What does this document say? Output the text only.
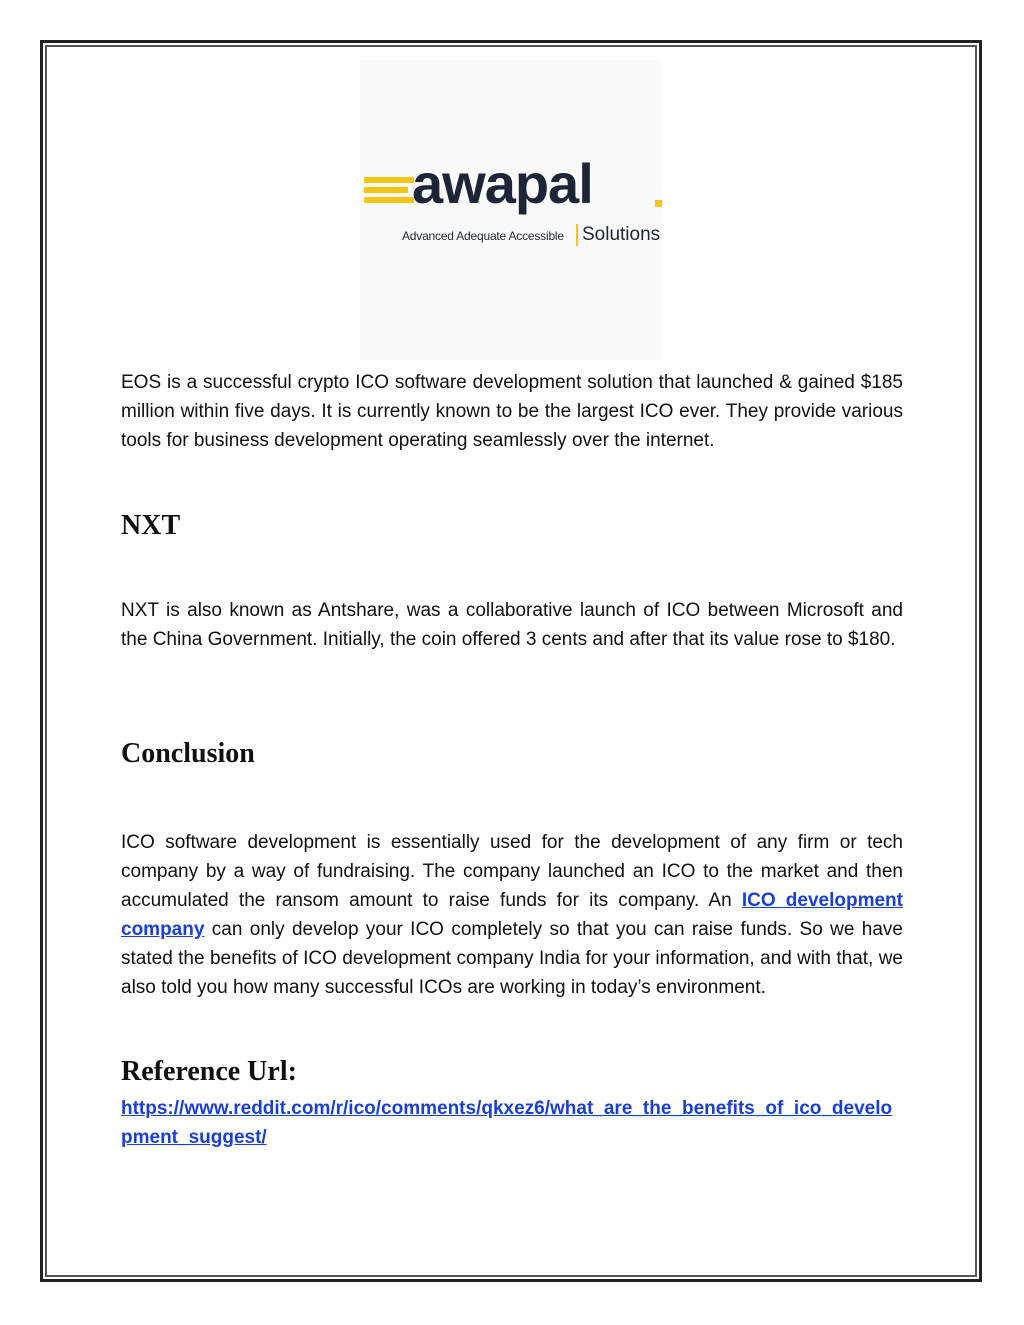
awapal
Advanced Adequate Accessible Solutions

EOS is a successful crypto ICO software development solution that launched & gained $185 million within five days. It is currently known to be the largest ICO ever. They provide various tools for business development operating seamlessly over the internet.

NXT

NXT is also known as Antshare, was a collaborative launch of ICO between Microsoft and the China Government. Initially, the coin offered 3 cents and after that its value rose to $180.

Conclusion

ICO software development is essentially used for the development of any firm or tech company by a way of fundraising. The company launched an ICO to the market and then accumulated the ransom amount to raise funds for its company. An ICO development company can only develop your ICO completely so that you can raise funds. So we have stated the benefits of ICO development company India for your information, and with that, we also told you how many successful ICOs are working in today’s environment.

Reference Url:
https://www.reddit.com/r/ico/comments/qkxez6/what_are_the_benefits_of_ico_development_suggest/
